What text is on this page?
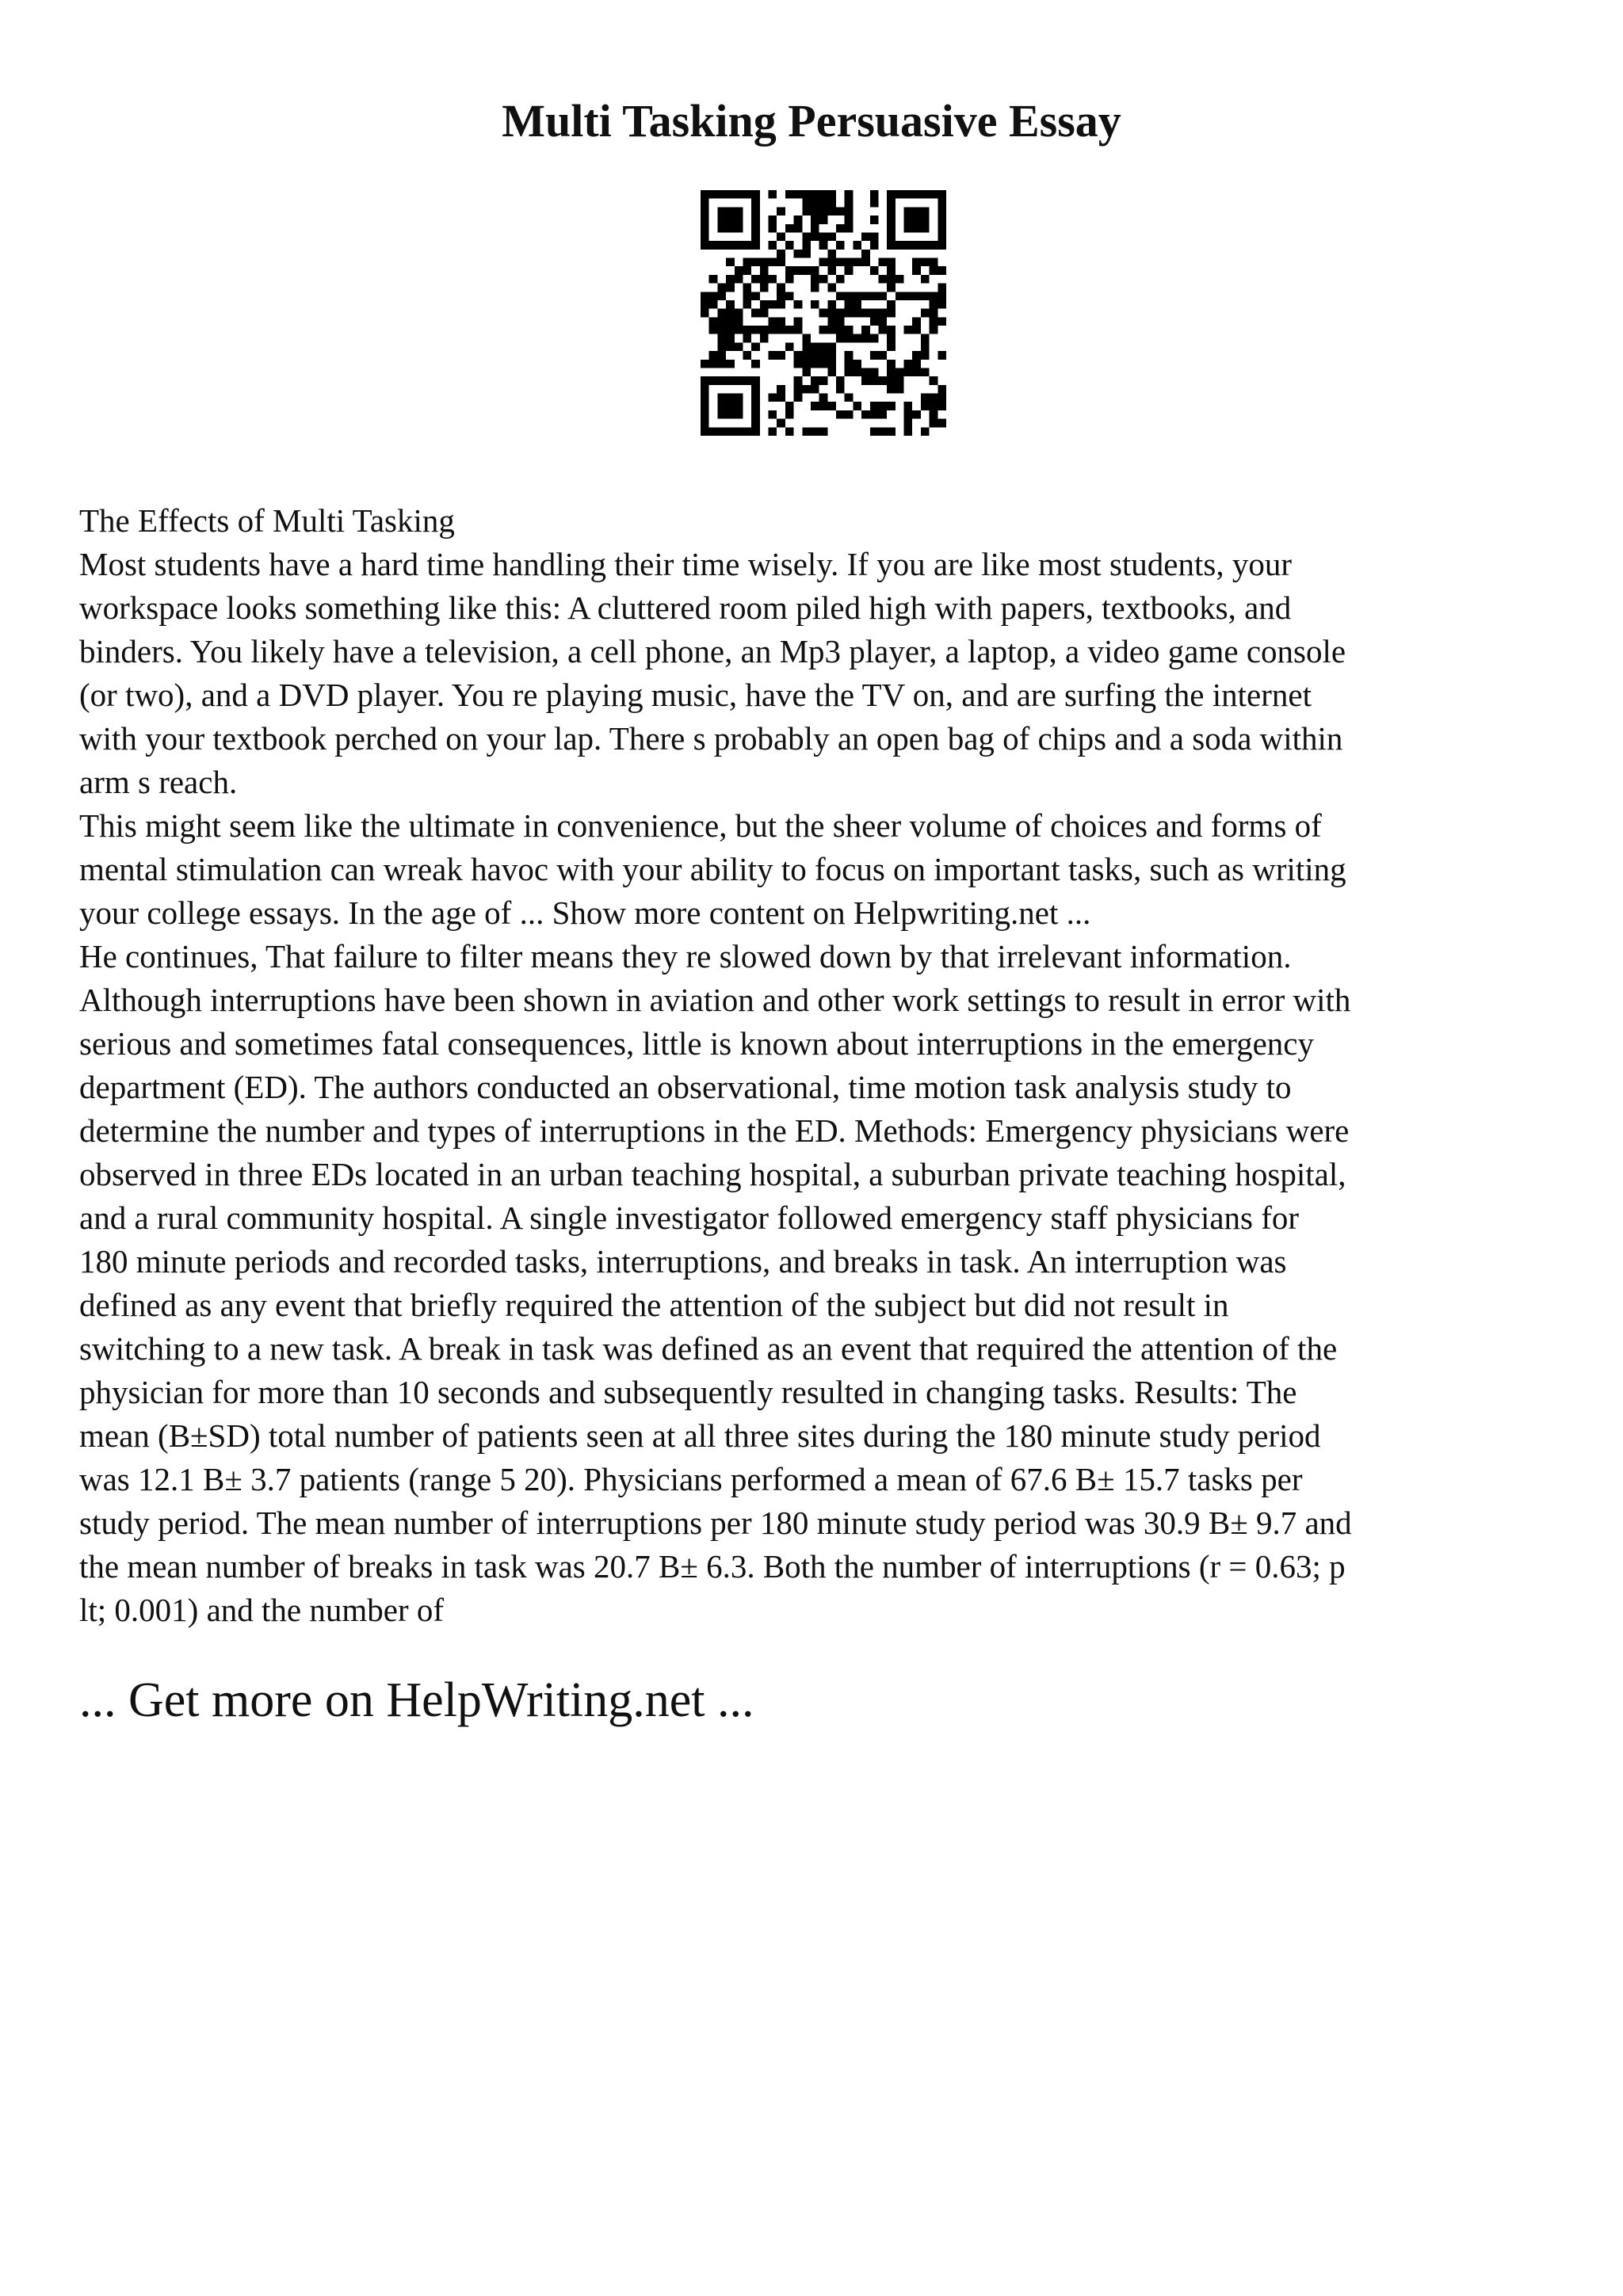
Multi Tasking Persuasive Essay
The Effects of Multi Tasking
Most students have a hard time handling their time wisely. If you are like most students, your
workspace looks something like this: A cluttered room piled high with papers, textbooks, and
binders. You likely have a television, a cell phone, an Mp3 player, a laptop, a video game console
(or two), and a DVD player. You re playing music, have the TV on, and are surfing the internet
with your textbook perched on your lap. There s probably an open bag of chips and a soda within
arm s reach.
This might seem like the ultimate in convenience, but the sheer volume of choices and forms of
mental stimulation can wreak havoc with your ability to focus on important tasks, such as writing
your college essays. In the age of ... Show more content on Helpwriting.net ...
He continues, That failure to filter means they re slowed down by that irrelevant information.
Although interruptions have been shown in aviation and other work settings to result in error with
serious and sometimes fatal consequences, little is known about interruptions in the emergency
department (ED). The authors conducted an observational, time motion task analysis study to
determine the number and types of interruptions in the ED. Methods: Emergency physicians were
observed in three EDs located in an urban teaching hospital, a suburban private teaching hospital,
and a rural community hospital. A single investigator followed emergency staff physicians for
180 minute periods and recorded tasks, interruptions, and breaks in task. An interruption was
defined as any event that briefly required the attention of the subject but did not result in
switching to a new task. A break in task was defined as an event that required the attention of the
physician for more than 10 seconds and subsequently resulted in changing tasks. Results: The
mean (B±SD) total number of patients seen at all three sites during the 180 minute study period
was 12.1 B± 3.7 patients (range 5 20). Physicians performed a mean of 67.6 B± 15.7 tasks per
study period. The mean number of interruptions per 180 minute study period was 30.9 B± 9.7 and
the mean number of breaks in task was 20.7 B± 6.3. Both the number of interruptions (r = 0.63; p
lt; 0.001) and the number of
... Get more on HelpWriting.net ...
